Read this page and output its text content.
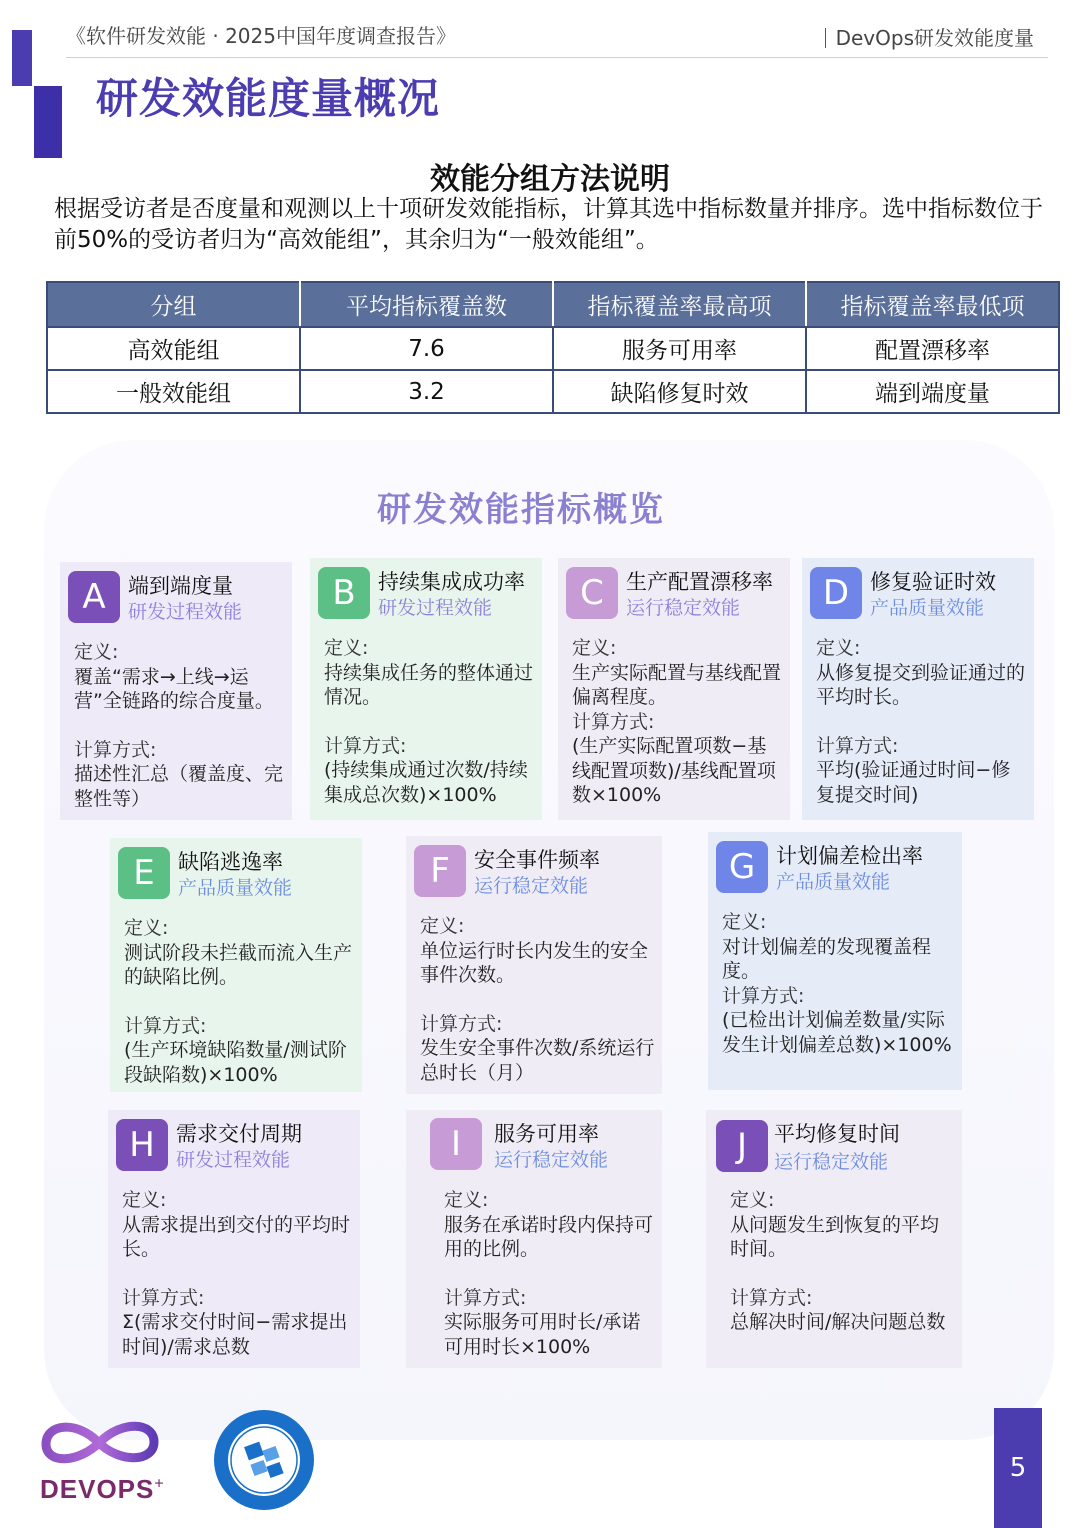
《软件研发效能 · 2025中国年度调查报告》	DevOps研发效能度量
研发效能度量概况
效能分组方法说明
根据受访者是否度量和观测以上十项研发效能指标，计算其选中指标数量并排序。选中指标数位于前50%的受访者归为“高效能组”，其余归为“一般效能组”。
分组	平均指标覆盖数	指标覆盖率最高项	指标覆盖率最低项
高效能组	7.6	服务可用率	配置漂移率
一般效能组	3.2	缺陷修复时效	端到端度量
研发效能指标概览
A	端到端度量
研发过程效能
定义:
覆盖“需求→上线→运营”全链路的综合度量。
计算方式:
描述性汇总（覆盖度、完整性等）
B	持续集成成功率
研发过程效能
定义:
持续集成任务的整体通过情况。
计算方式:
(持续集成通过次数/持续集成总次数)×100%
C	生产配置漂移率
运行稳定效能
定义:
生产实际配置与基线配置偏离程度。
计算方式:
(生产实际配置项数−基线配置项数)/基线配置项数×100%
D 修复验证时效
产品质量效能
定义:
从修复提交到验证通过的平均时长。
计算方式:
平均(验证通过时间−修复提交时间)
E	缺陷逃逸率
产品质量效能
定义:
测试阶段未拦截而流入生产的缺陷比例。
计算方式:
(生产环境缺陷数量/测试阶段缺陷数)×100%
F	安全事件频率
运行稳定效能
定义:
单位运行时长内发生的安全事件次数。
计算方式:
发生安全事件次数/系统运行总时长（月）
G 计划偏差检出率
产品质量效能
定义:
对计划偏差的发现覆盖程度。
计算方式:
(已检出计划偏差数量/实际发生计划偏差总数)×100%
H	需求交付周期
研发过程效能
定义:
从需求提出到交付的平均时长。
计算方式:
Σ(需求交付时间−需求提出时间)/需求总数
I	服务可用率
运行稳定效能
定义:
服务在承诺时段内保持可用的比例。
计算方式:
实际服务可用时长/承诺可用时长×100%
J	平均修复时间
运行稳定效能
定义:
从问题发生到恢复的平均时间。
计算方式:
总解决时间/解决问题总数
DEVOPS+
5
